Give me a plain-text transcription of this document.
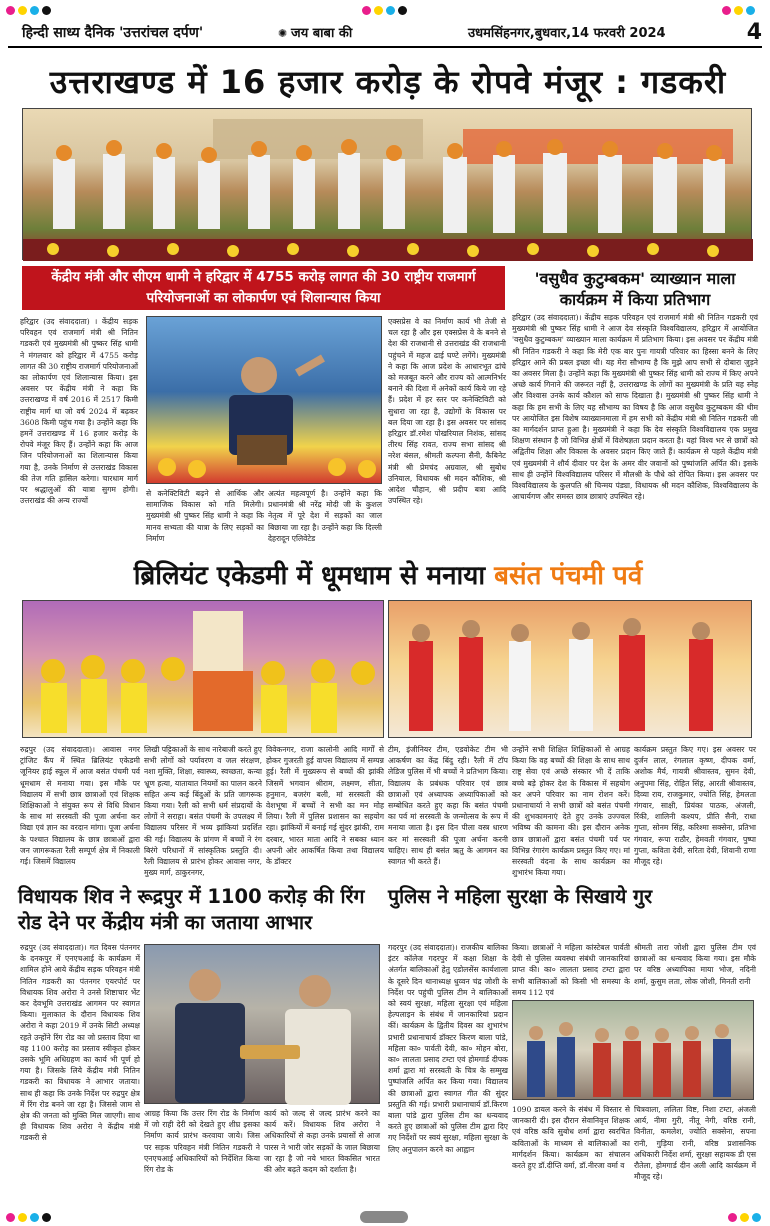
हिन्दी साध्य दैनिक 'उत्तरांचल दर्पण'	✺ जय बाबा की	उधमसिंहनगर,बुधवार,14 फरवरी 2024	4
उत्तराखण्ड में 16 हजार करोड़ के रोपवे मंजूर : गडकरी
केंद्रीय मंत्री और सीएम धामी ने हरिद्वार में 4755 करोड़ लागत की 30 राष्ट्रीय राजमार्ग परियोजनाओं का लोकार्पण एवं शिलान्यास किया
'वसुधैव कुटुम्बकम' व्याख्यान माला कार्यक्रम में किया प्रतिभाग
हरिद्वार (उद संवाददाता) । केंद्रीय सड़क परिवहन एवं राजमार्ग मंत्री श्री नितिन गडकरी एवं मुख्यमंत्री श्री पुष्कर सिंह धामी ने मंगलवार को हरिद्वार में 4755 करोड़ लागत की 30 राष्ट्रीय राजमार्ग परियोजनाओं का लोकार्पण एवं शिलान्यास किया। इस अवसर पर केंद्रीय मंत्री ने कहा कि उत्तराखण्ड में वर्ष 2016 में 2517 किमी राष्ट्रीय मार्ग था जो वर्ष 2024 में बढ़कर 3608 किमी पहुंच गया है। उन्होंने कहा कि हमनें उत्तराखण्ड में 16 हजार करोड़ के रोपवे मंजूर किए हैं। उन्होंने कहा कि आज जिन परियोजनाओं का शिलान्यास किया गया है, उनके निर्माण से उत्तराखंड विकास की तेज गति हासिल करेगा। चारधाम मार्ग पर श्रद्धालुओं की यात्रा सुगम होगी। उत्तराखंड की अन्य राज्यों
से कनेक्टिविटी बढ़ने से आर्थिक और सामाजिक विकास को गति मिलेगी। मुख्यमंत्री श्री पुष्कर सिंह धामी ने कहा कि मानव सभ्यता की यात्रा के लिए सड़कों का निर्माण
अत्यंत महत्वपूर्ण है। उन्होंने कहा कि प्रधानमंत्री श्री नरेंद्र मोदी जी के कुशल नेतृत्व में पूरे देश में सड़कों का जाल बिछाया जा रहा है। उन्होंने कहा कि दिल्ली देहरादून एलिवेटेड
एक्सप्रेस वे का निर्माण कार्य भी तेजी से चल रहा है और इस एक्सप्रेस वे के बनने से देश की राजधानी से उत्तराखंड की राजधानी पहुंचने में महज ढाई घण्टे लगेंगे। मुख्यमंत्री ने कहा कि आज प्रदेश के आधारभूत ढांचे को मजबूत करने और राज्य को आत्मनिर्भर बनाने की दिशा में अनेकों कार्य किये जा रहे हैं। प्रदेश में हर स्तर पर कनेक्टिविटी को सुधारा जा रहा है, उद्योगों के विकास पर बल दिया जा रहा है। इस अवसर पर सांसद हरिद्वार डॉ.रमेश पोखरियाल निशंक, सांसद तीरथ सिंह रावत, राज्य सभा सांसद श्री नरेश बंसल, श्रीमती कल्पना सैनी, कैबिनेट मंत्री श्री प्रेमचंद अग्रवाल, श्री सुबोध उनियाल, विधायक श्री मदन कौशिक, श्री आदेश चौहान, श्री प्रदीप बत्रा आदि उपस्थित रहे।
हरिद्वार (उद संवाददाता)। केंद्रीय सड़क परिवहन एवं राजमार्ग मंत्री श्री नितिन गडकरी एवं मुख्यमंत्री श्री पुष्कर सिंह धामी ने आज देव संस्कृति विश्वविद्यालय, हरिद्वार में आयोजित 'वसुधैव कुटुम्बकम' व्याख्यान माला कार्यक्रम में प्रतिभाग किया। इस अवसर पर केंद्रीय मंत्री श्री नितिन गडकरी ने कहा कि मेरी एक बार पुनः गायत्री परिवार का हिस्सा बनने के लिए हरिद्वार आने की प्रबल इच्छा थी। यह मेरा सौभाग्य है कि मुझे आप सभी से दोबारा जुड़ने का अवसर मिला है। उन्होंने कहा कि मुख्यमंत्री श्री पुष्कर सिंह धामी को राज्य में किए अपने अच्छे कार्य गिनाने की जरूरत नहीं है, उत्तराखण्ड के लोगों का मुख्यमंत्री के प्रति यह स्नेह और विश्वास उनके कार्य कौशल को साफ दिखाता है। मुख्यमंत्री श्री पुष्कर सिंह धामी ने कहा कि हम सभी के लिए यह सौभाग्य का विषय है कि आज वसुधैव कुटुम्बकम की थीम पर आयोजित इस विशेष व्याख्यानमाला में हम सभी को केंद्रीय मंत्री श्री नितिन गडकरी जी का मार्गदर्शन प्राप्त हुआ है। मुख्यमंत्री ने कहा कि देव संस्कृति विश्वविद्यालय एक प्रमुख शिक्षण संस्थान है जो विभिन्न क्षेत्रों में विशेषज्ञता प्रदान करता है। यहां विश्व भर से छात्रों को अद्वितीय शिक्षा और विकास के अवसर प्रदान किए जाते हैं। कार्यक्रम से पहले केंद्रीय मंत्री एवं मुख्यमंत्री ने शौर्य दीवार पर देश के अमर वीर जवानों को पुष्पांजलि अर्पित की। इसके साथ ही उन्होंने विश्वविद्यालय परिसर में मौलश्री के पौधे को रोपित किया। इस अवसर पर विश्वविद्यालय के कुलपति श्री चिन्मय पंड्या, विधायक श्री मदन कौशिक, विश्वविद्यालय के आचार्यगण और समस्त छात्र छात्राएं उपस्थित रहे।
ब्रिलियंट एकेडमी में धूमधाम से मनाया बसंत पंचमी पर्व
रुद्रपुर (उद संवाददाता)। आवास नगर ट्रांजिट कैंप में स्थित ब्रिलियंट एकेडमी जूनियर हाई स्कूल में आज बसंत पंचमी पर्व धूमधाम से मनाया गया। इस मौके पर विद्यालय में सभी छात्र छात्राओं एवं शिक्षक शिक्षिकाओं ने संयुक्त रूप से विधि विधान के साथ मां सरस्वती की पूजा अर्चना कर विद्या एवं ज्ञान का वरदान मांगा। पूजा अर्चना के पश्चात विद्यालय के छात्र छात्राओं द्वारा जन जागरूकता रैली सम्पूर्ण क्षेत्र में निकाली गई। जिसमें विद्यालय
लिखी पट्टिकाओं के साथ नारेबाजी करते हुए सभी लोगों को पर्यावरण व जल संरक्षण, नशा मुक्ति, शिक्षा, स्वास्थ्य, स्वच्छता, कन्या भ्रूण हत्या, यातायात नियमों का पालन करने सहित अन्य कई बिंदुओं के प्रति जागरूक किया गया। रैली को सभी धर्म संप्रदायों के लोगों ने सराहा। बसंत पंचमी के उपलक्ष्य में विद्यालय परिसर में भव्य झांकियां प्रदर्शित की गई। विद्यालय के प्रांगण में बच्चों ने रंग बिरंगे परिधानों में सांस्कृतिक प्रस्तुति दी। रैली विद्यालय से प्रारंभ होकर आवास नगर, मुख्य मार्ग, ठाकुरनगर,
विवेकनगर, राजा कालोनी आदि मार्गों से होकर गुजरती हुई वापस विद्यालय में सम्पन्न हुई। रैली में मुख्यरूप से बच्चों की झांकी जिसमें भगवान श्रीराम, लक्ष्मण, सीता, हनुमान, बजरंग बली, मां सरस्वती की वेशभूषा में बच्चों ने सभी का मन मोह लिया। रैली में पुलिस प्रशासन का सहयोग रहा। झांकियों में बनाई गई सुंदर झांकी, राम दरबार, भारत माता आदि ने सबका ध्यान अपनी ओर आकर्षित किया तथा विद्यालय के डॉक्टर
टीम, इंजीनियर टीम, एडवोकेट टीम भी आकर्षण का केंद्र बिंदु रही। रैली में टॉप लेडिज पुलिस में भी बच्चों ने प्रतिभाग किया। विद्यालय के प्रबंधक परिवार एवं छात्र छात्राओं एवं अध्यापक अध्यापिकाओं को सम्बोधित करते हुए कहा कि बसंत पंचमी का पर्व मां सरस्वती के जन्मोत्सव के रूप में मनाया जाता है। इस दिन पीला वस्त्र धारण कर मां सरस्वती की पूजा अर्चना करनी चाहिए। साथ ही बसंत ऋतु के आगमन का स्वागत भी करते हैं।
उन्होंने सभी शिक्षित शिक्षिकाओं से आग्रह किया कि वह बच्चों की शिक्षा के साथ साथ राष्ट्र सेवा एवं अच्छे संस्कार भी दें ताकि बच्चे बड़े होकर देश के विकास में सहयोग कर अपने परिवार का नाम रोशन करें। प्रधानाचार्या ने सभी छात्रों को बसंत पंचमी की शुभकामनाएं देते हुए उनके उज्ज्वल भविष्य की कामना की। इस दौरान अनेक छात्र छात्राओं द्वारा बसंत पंचमी पर्व पर विभिन्न रंगारंग कार्यक्रम प्रस्तुत किए गए। मां सरस्वती वंदना के साथ कार्यक्रम का शुभारंभ किया गया।
कार्यक्रम प्रस्तुत किए गए। इस अवसर पर दुर्जन लाल, रंगलाल कृष्ण, दीपक वर्मा, अशोक मैर्य, गायत्री श्रीवास्तव, सुमन देवी, अनुपमा सिंह, रोहित सिंह, आरती श्रीवास्तव, दिव्या राय, राजकुमार, ज्योति सिंह, हेमलता गंगवार, साक्षी, प्रियंका पाठक, अंजली, रिंकी, शालिनी कश्यप, प्रीति सैनी, राधा गुप्ता, सोनम सिंह, करिश्मा सक्सेना, प्रतिभा गंगवार, रूपा राठौर, हेमवती गंगवार, पुष्पा गुप्ता, कविता देवी, सरिता देवी, शिवानी राणा मौजूद रहे।
विधायक शिव ने रूद्रपुर में 1100 करोड़ की रिंग रोड देने पर केंद्रीय मंत्री का जताया आभार
पुलिस ने महिला सुरक्षा के सिखाये गुर
रुद्रपुर (उद संवाददाता)। गत दिवस पंतनगर के दनकपुर में एनएचआई के कार्यक्रम में शामिल होने आये केंद्रीय सड़क परिवहन मंत्री नितिन गडकरी का पंतनगर एयरपोर्ट पर विधायक शिव अरोरा ने उनसे शिष्टाचार भेंट कर देवभूमि उत्तराखंड आगमन पर स्वागत किया। मुलाकात के दौरान विधायक शिव अरोरा ने कहा 2019 में उनके सिटी अध्यक्ष रहते उन्होंने रिंग रोड का जो प्रस्ताव दिया था वह 1100 करोड़ का प्रस्ताव स्वीकृत होकर उसके भूमि अधिग्रहण का कार्य भी पूर्ण हो गया है। जिसके लिये केंद्रीय मंत्री नितिन गडकरी का विधायक ने आभार जताया। साथ ही कहा कि उनके निर्देश पर रुद्रपुर क्षेत्र में रिंग रोड बनने जा रहा है। जिससे जाम से क्षेत्र की जनता को मुक्ति मिल जाएगी। साथ ही विधायक शिव अरोरा ने केंद्रीय मंत्री गडकरी से
आग्रह किया कि उत्तर रिंग रोड के निर्माण में जो राही देरी को देखते हुए शीघ्र इसका निर्माण कार्य प्रारंभ करवाया जाये। जिस पर सड़क परिवहन मंत्री नितिन गडकरी ने एनएचआई अधिकारियों को निर्देशित किया रिंग रोड के
कार्य को जल्द से जल्द प्रारंभ करने का कार्य करें। विधायक शिव अरोरा ने अधिकारियों से कहा उनके प्रयासों से आज पारस ने भारी जोर सड़कों के जाल बिछाया जा रहा है जो नये भारत विकसित भारत की ओर बढ़ते कदम को दर्शाता है।
गदरपुर (उद संवाददाता)। राजकीय बालिका इंटर कॉलेज गदरपुर में कक्षा शिक्षा के अंतर्गत बालिकाओं हेतु एडोलसेंस कार्यशाला के दूसरे दिन थानाध्यक्ष धुव्वन चंद्र जोशी के निर्देश पर पहुंची पुलिस टीम ने बालिकाओं को स्वयं सुरक्षा, महिला सुरक्षा एवं महिला हेल्पलाइन के संबंध में जानकारियां प्रदान कीं। कार्यक्रम के द्वितीय दिवस का शुभारंभ प्रभारी प्रधानाचार्य डॉक्टर किरण बाला पांडे, महिला का० पार्वती देवी, का० मोहन बोरा, का० लालता प्रसाद टम्टा एवं होमगार्ड दीपक शर्मा द्वारा मां सरस्वती के चित्र के सम्मुख पुष्पांजलि अर्पित कर किया गया। विद्यालय की छात्राओं द्वारा स्वागत गीत की सुंदर प्रस्तुति की गई। प्रभारी प्रधानाचार्य डॉ.किरण बाला पांडे द्वारा पुलिस टीम का धन्यवाद करते हुए छात्राओं को पुलिस टीम द्वारा दिए गए निर्देशों पर स्वयं सुरक्षा, महिला सुरक्षा के लिए अनुपालन करने का आह्वान
किया। छात्राओं ने महिला कांस्टेबल पार्वती देवी से पुलिस व्यवस्था संबंधी जानकारियां प्राप्त की। का० लालता प्रसाद टम्टा द्वारा सभी बालिकाओं को किसी भी समस्या के समय 112 एवं
श्रीमती तारा जोशी द्वारा पुलिस टीम एवं छात्राओं का धन्यवाद किया गया। इस मौके पर वरिष्ठ अध्यापिका माया भोज, नदिनी शर्मा, कुसुम लता, लोक जोशी, मिनती रानी
1090 डायल करने के संबंध में विस्तार से जानकारी दी। इस दौरान सेवानिवृत्त शिक्षक एवं वरिष्ठ कवि सुबोध शर्मा द्वारा स्वरचित कविताओं के माध्यम से बालिकाओं का मार्गदर्शन किया। कार्यक्रम का संचालन करते हुए डॉ.दीप्ति वर्मा, डॉ.नीरजा वर्मा व
चित्रवाला, ललिता विष्ट, निशा टम्टा, अंजली आर्य, नीमा गुरी, नीतू नेगी, वरिष्ठ रानी, विनीता, कमलेश, ज्योति सक्सेना, सपना रानी, गुड़िया रानी, वरिष्ठ प्रशासनिक अधिकारी निर्देश शर्मा, सुरक्षा सहायक डी एस रौतेला, होमगार्ड दीन अली आदि कार्यक्रम में मौजूद रहे।
